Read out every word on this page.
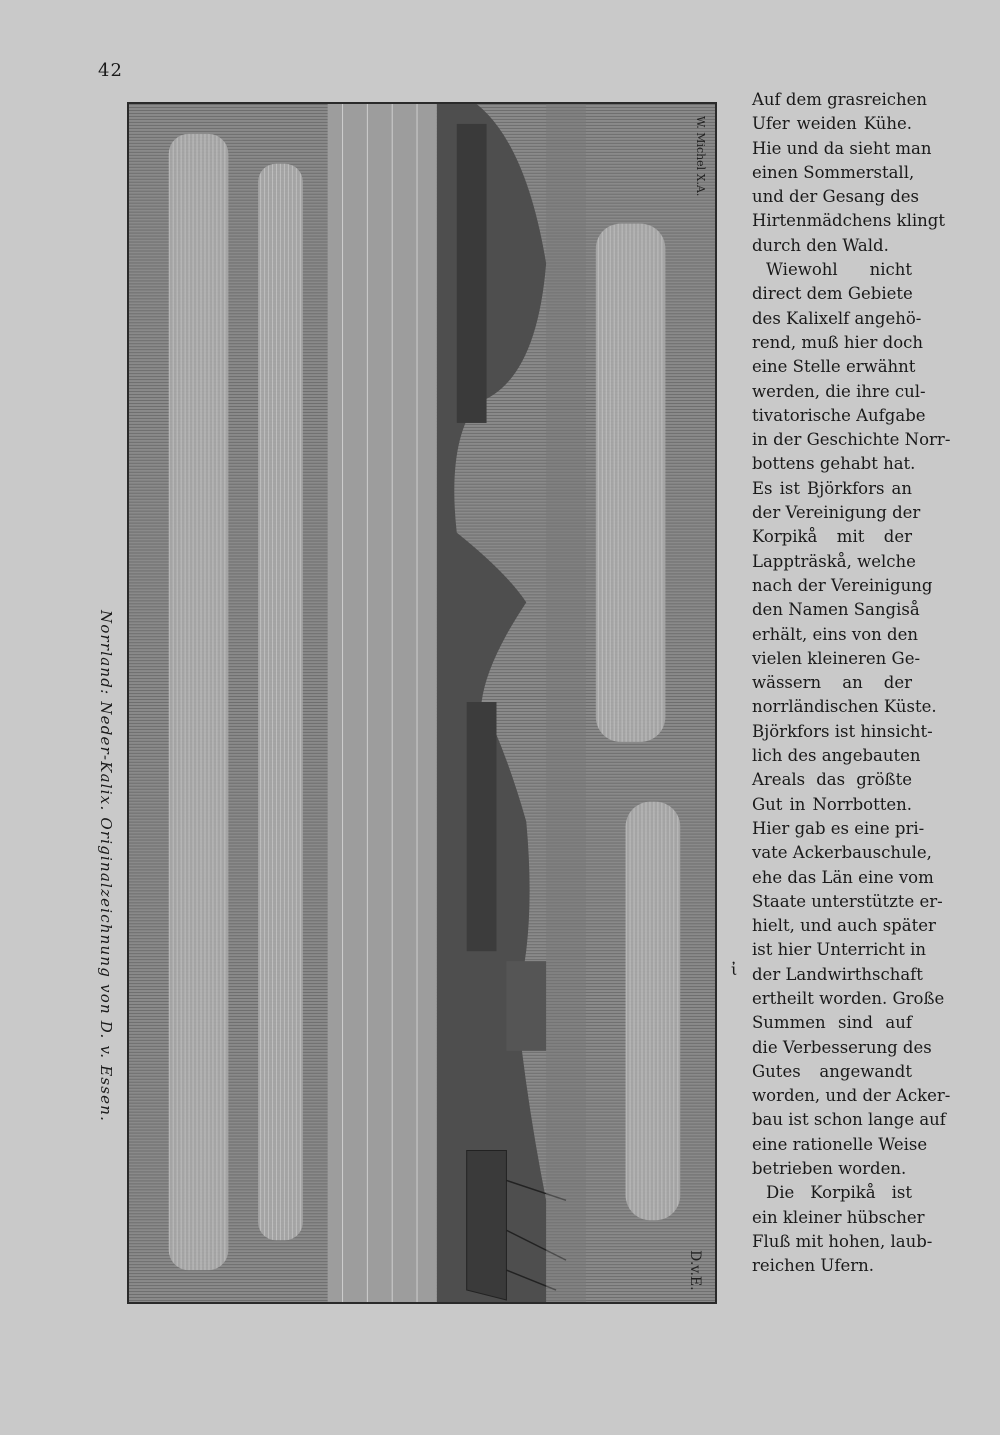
42
Norrland: Neder-Kalix. Originalzeichnung von D. v. Essen.
W. Michel X.A.
D.v.E.
ἰ
Auf dem grasreichen
Ufer weiden Kühe.
Hie und da sieht man
einen Sommerstall,
und der Gesang des
Hirtenmädchens klingt
durch den Wald.
Wiewohl nicht
direct dem Gebiete
des Kalixelf angehö-
rend, muß hier doch
eine Stelle erwähnt
werden, die ihre cul-
tivatorische Aufgabe
in der Geschichte Norr-
bottens gehabt hat.
Es ist Björkfors an
der Vereinigung der
Korpikå mit der
Lappträskå, welche
nach der Vereinigung
den Namen Sangiså
erhält, eins von den
vielen kleineren Ge-
wässern an der
norrländischen Küste.
Björkfors ist hinsicht-
lich des angebauten
Areals das größte
Gut in Norrbotten.
Hier gab es eine pri-
vate Ackerbauschule,
ehe das Län eine vom
Staate unterstützte er-
hielt, und auch später
ist hier Unterricht in
der Landwirthschaft
ertheilt worden. Große
Summen sind auf
die Verbesserung des
Gutes angewandt
worden, und der Acker-
bau ist schon lange auf
eine rationelle Weise
betrieben worden.
Die Korpikå ist
ein kleiner hübscher
Fluß mit hohen, laub-
reichen Ufern.
